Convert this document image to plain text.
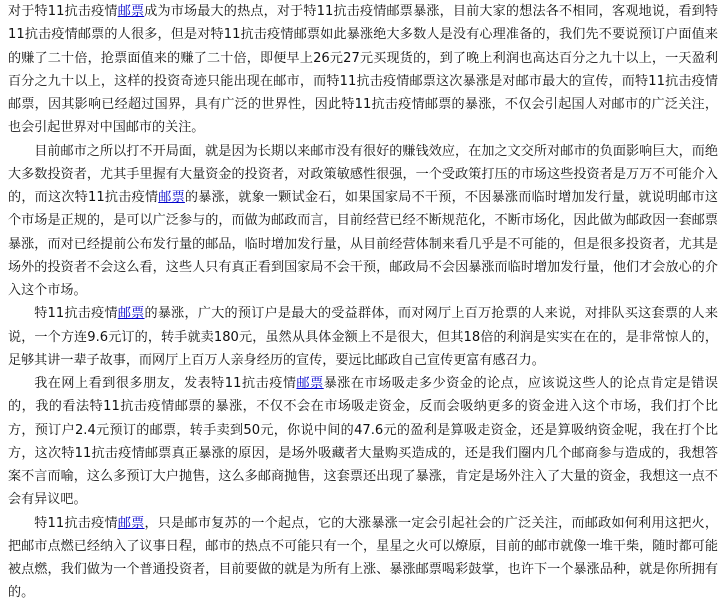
对于特11抗击疫情邮票成为市场最大的热点，对于特11抗击疫情邮票暴涨，目前大家的想法各不相同，客观地说，看到特11抗击疫情邮票的人很多，但是对特11抗击疫情邮票如此暴涨绝大多数人是没有心理准备的，我们先不要说预订户面值来的赚了二十倍，抢票面值来的赚了二十倍，即便早上26元27元买现货的，到了晚上利润也高达百分之九十以上，一天盈利百分之九十以上，这样的投资奇迹只能出现在邮市，而特11抗击疫情邮票这次暴涨是对邮市最大的宣传，而特11抗击疫情邮票，因其影响已经超过国界，具有广泛的世界性，因此特11抗击疫情邮票的暴涨，不仅会引起国人对邮市的广泛关注，也会引起世界对中国邮市的关注。

目前邮市之所以打不开局面，就是因为长期以来邮市没有很好的赚钱效应，在加之文交所对邮市的负面影响巨大，而绝大多数投资者，尤其手里握有大量资金的投资者，对政策敏感性很强，一个受政策打压的市场这些投资者是万万不可能介入的，而这次特11抗击疫情邮票的暴涨，就象一颗试金石，如果国家局不干预，不因暴涨而临时增加发行量，就说明邮市这个市场是正规的，是可以广泛参与的，而做为邮政而言，目前经营已经不断规范化，不断市场化，因此做为邮政因一套邮票暴涨，而对已经提前公布发行量的邮品，临时增加发行量，从目前经营体制来看几乎是不可能的，但是很多投资者，尤其是场外的投资者不会这么看，这些人只有真正看到国家局不会干预，邮政局不会因暴涨而临时增加发行量，他们才会放心的介入这个市场。

特11抗击疫情邮票的暴涨，广大的预订户是最大的受益群体，而对网厅上百万抢票的人来说，对排队买这套票的人来说，一个方连9.6元订的，转手就卖180元，虽然从具体金额上不是很大，但其18倍的利润是实实在在的，是非常惊人的，足够其讲一辈子故事，而网厅上百万人亲身经历的宣传，要远比邮政自己宣传更富有感召力。

我在网上看到很多朋友，发表特11抗击疫情邮票暴涨在市场吸走多少资金的论点，应该说这些人的论点肯定是错误的，我的看法特11抗击疫情邮票的暴涨，不仅不会在市场吸走资金，反而会吸纳更多的资金进入这个市场，我们打个比方，预订户2.4元预订的邮票，转手卖到50元，你说中间的47.6元的盈利是算吸走资金，还是算吸纳资金呢，我在打个比方，这次特11抗击疫情邮票真正暴涨的原因，是场外吸藏者大量购买造成的，还是我们圈内几个邮商参与造成的，我想答案不言而喻，这么多预订大户抛售，这么多邮商抛售，这套票还出现了暴涨，肯定是场外注入了大量的资金，我想这一点不会有异议吧。

特11抗击疫情邮票，只是邮市复苏的一个起点，它的大涨暴涨一定会引起社会的广泛关注，而邮政如何利用这把火，把邮市点燃已经纳入了议事日程，邮市的热点不可能只有一个，星星之火可以燎原，目前的邮市就像一堆干柴，随时都可能被点燃，我们做为一个普通投资者，目前要做的就是为所有上涨、暴涨邮票喝彩鼓掌，也许下一个暴涨品种，就是你所拥有的。
